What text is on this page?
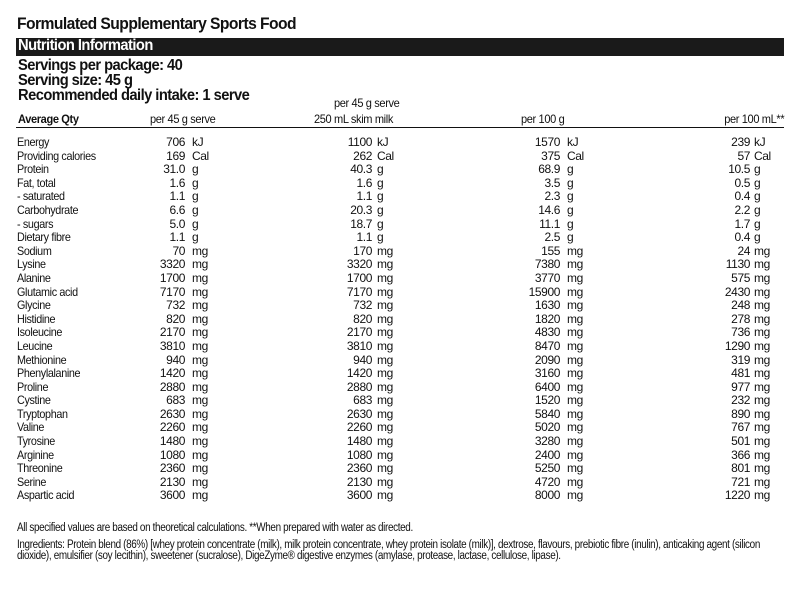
Formulated Supplementary Sports Food
Nutrition Information
Servings per package: 40
Serving size: 45 g
Recommended daily intake: 1 serve	per 45 g serve
Average Qty	per 45 g serve	250 mL skim milk	per 100 g	per 100 mL**
Energy	706 kJ	1100 kJ	1570 kJ	239 kJ
Providing calories	169 Cal	262 Cal	375 Cal	57 Cal
Protein	31.0 g	40.3 g	68.9 g	10.5 g
Fat, total	1.6 g	1.6 g	3.5 g	0.5 g
- saturated	1.1 g	1.1 g	2.3 g	0.4 g
Carbohydrate	6.6 g	20.3 g	14.6 g	2.2 g
- sugars	5.0 g	18.7 g	11.1 g	1.7 g
Dietary fibre	1.1 g	1.1 g	2.5 g	0.4 g
Sodium	70 mg	170 mg	155 mg	24 mg
Lysine	3320 mg	3320 mg	7380 mg	1130 mg
Alanine	1700 mg	1700 mg	3770 mg	575 mg
Glutamic acid	7170 mg	7170 mg	15900 mg	2430 mg
Glycine	732 mg	732 mg	1630 mg	248 mg
Histidine	820 mg	820 mg	1820 mg	278 mg
Isoleucine	2170 mg	2170 mg	4830 mg	736 mg
Leucine	3810 mg	3810 mg	8470 mg	1290 mg
Methionine	940 mg	940 mg	2090 mg	319 mg
Phenylalanine	1420 mg	1420 mg	3160 mg	481 mg
Proline	2880 mg	2880 mg	6400 mg	977 mg
Cystine	683 mg	683 mg	1520 mg	232 mg
Tryptophan	2630 mg	2630 mg	5840 mg	890 mg
Valine	2260 mg	2260 mg	5020 mg	767 mg
Tyrosine	1480 mg	1480 mg	3280 mg	501 mg
Arginine	1080 mg	1080 mg	2400 mg	366 mg
Threonine	2360 mg	2360 mg	5250 mg	801 mg
Serine	2130 mg	2130 mg	4720 mg	721 mg
Aspartic acid	3600 mg	3600 mg	8000 mg	1220 mg
All specified values are based on theoretical calculations. **When prepared with water as directed.
Ingredients: Protein blend (86%) [whey protein concentrate (milk), milk protein concentrate, whey protein isolate (milk)], dextrose, flavours, prebiotic fibre (inulin), anticaking agent (silicon dioxide), emulsifier (soy lecithin), sweetener (sucralose), DigeZyme® digestive enzymes (amylase, protease, lactase, cellulose, lipase).
